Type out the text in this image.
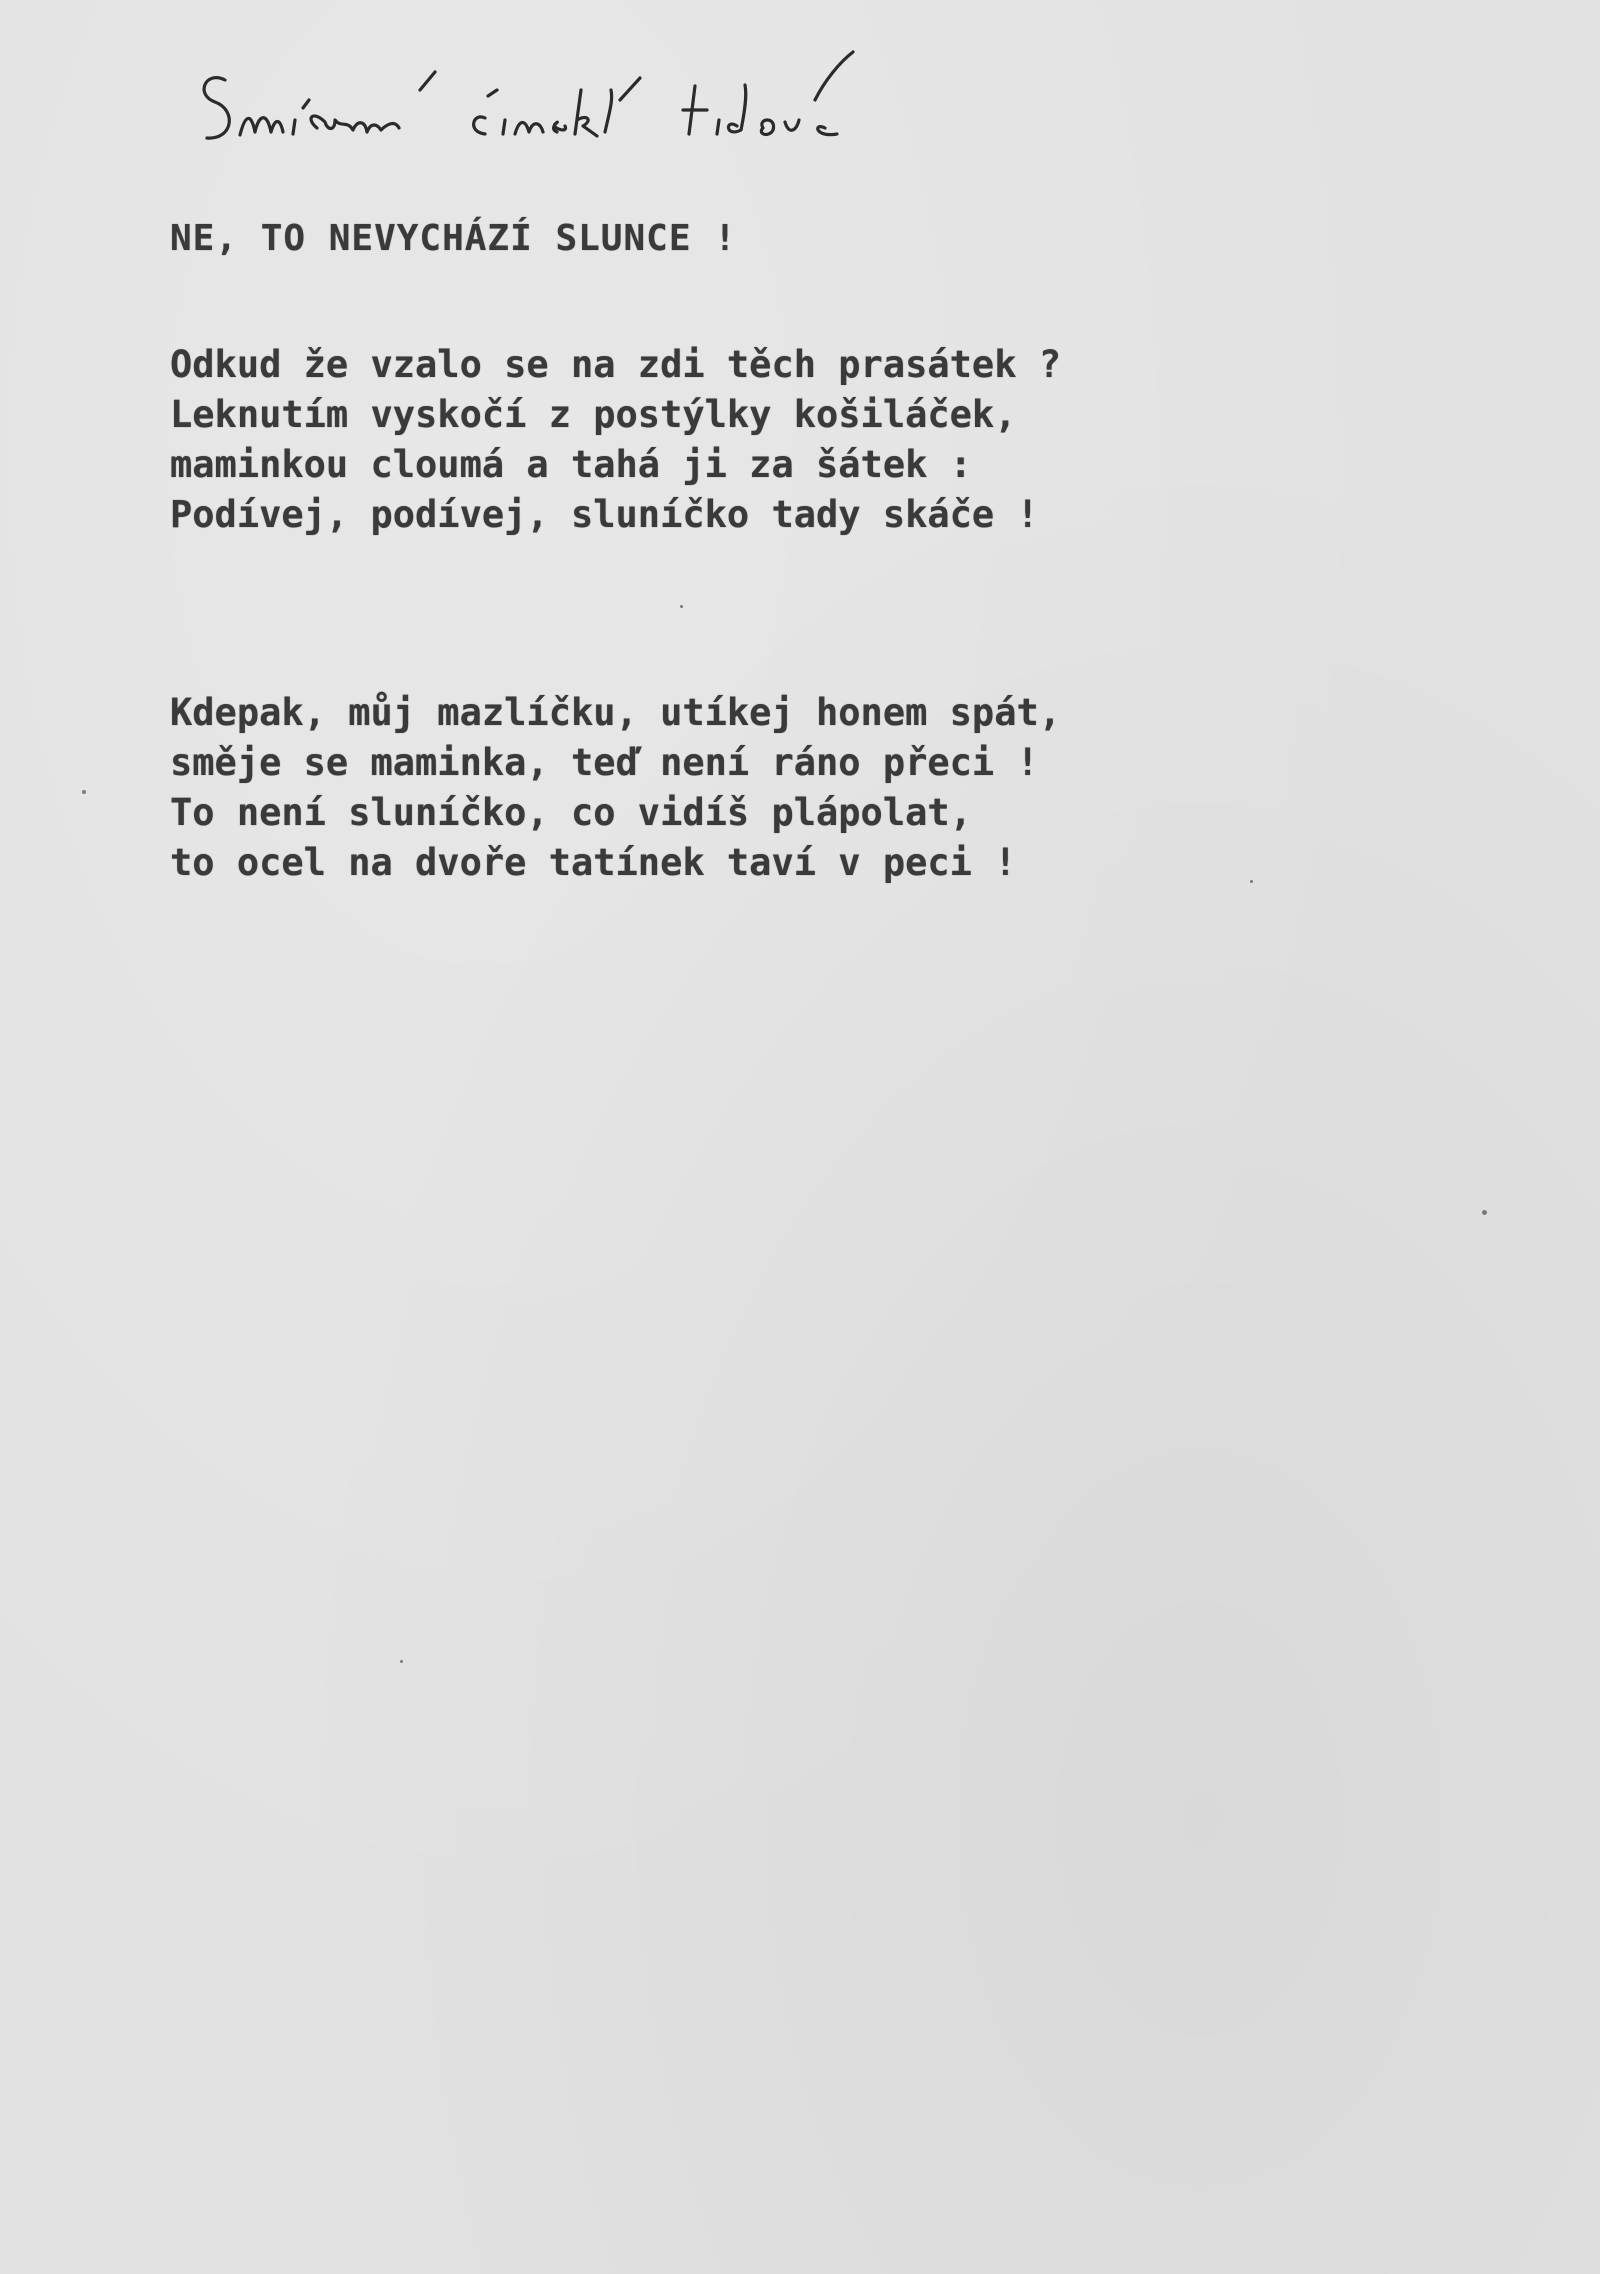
NE, TO NEVYCHÁZÍ SLUNCE !
Odkud že vzalo se na zdi těch prasátek ?
Leknutím vyskočí z postýlky košiláček,
maminkou cloumá a tahá ji za šátek :
Podívej, podívej, sluníčko tady skáče !
Kdepak, můj mazlíčku, utíkej honem spát,
směje se maminka, teď není ráno přeci !
To není sluníčko, co vidíš plápolat,
to ocel na dvoře tatínek taví v peci !
